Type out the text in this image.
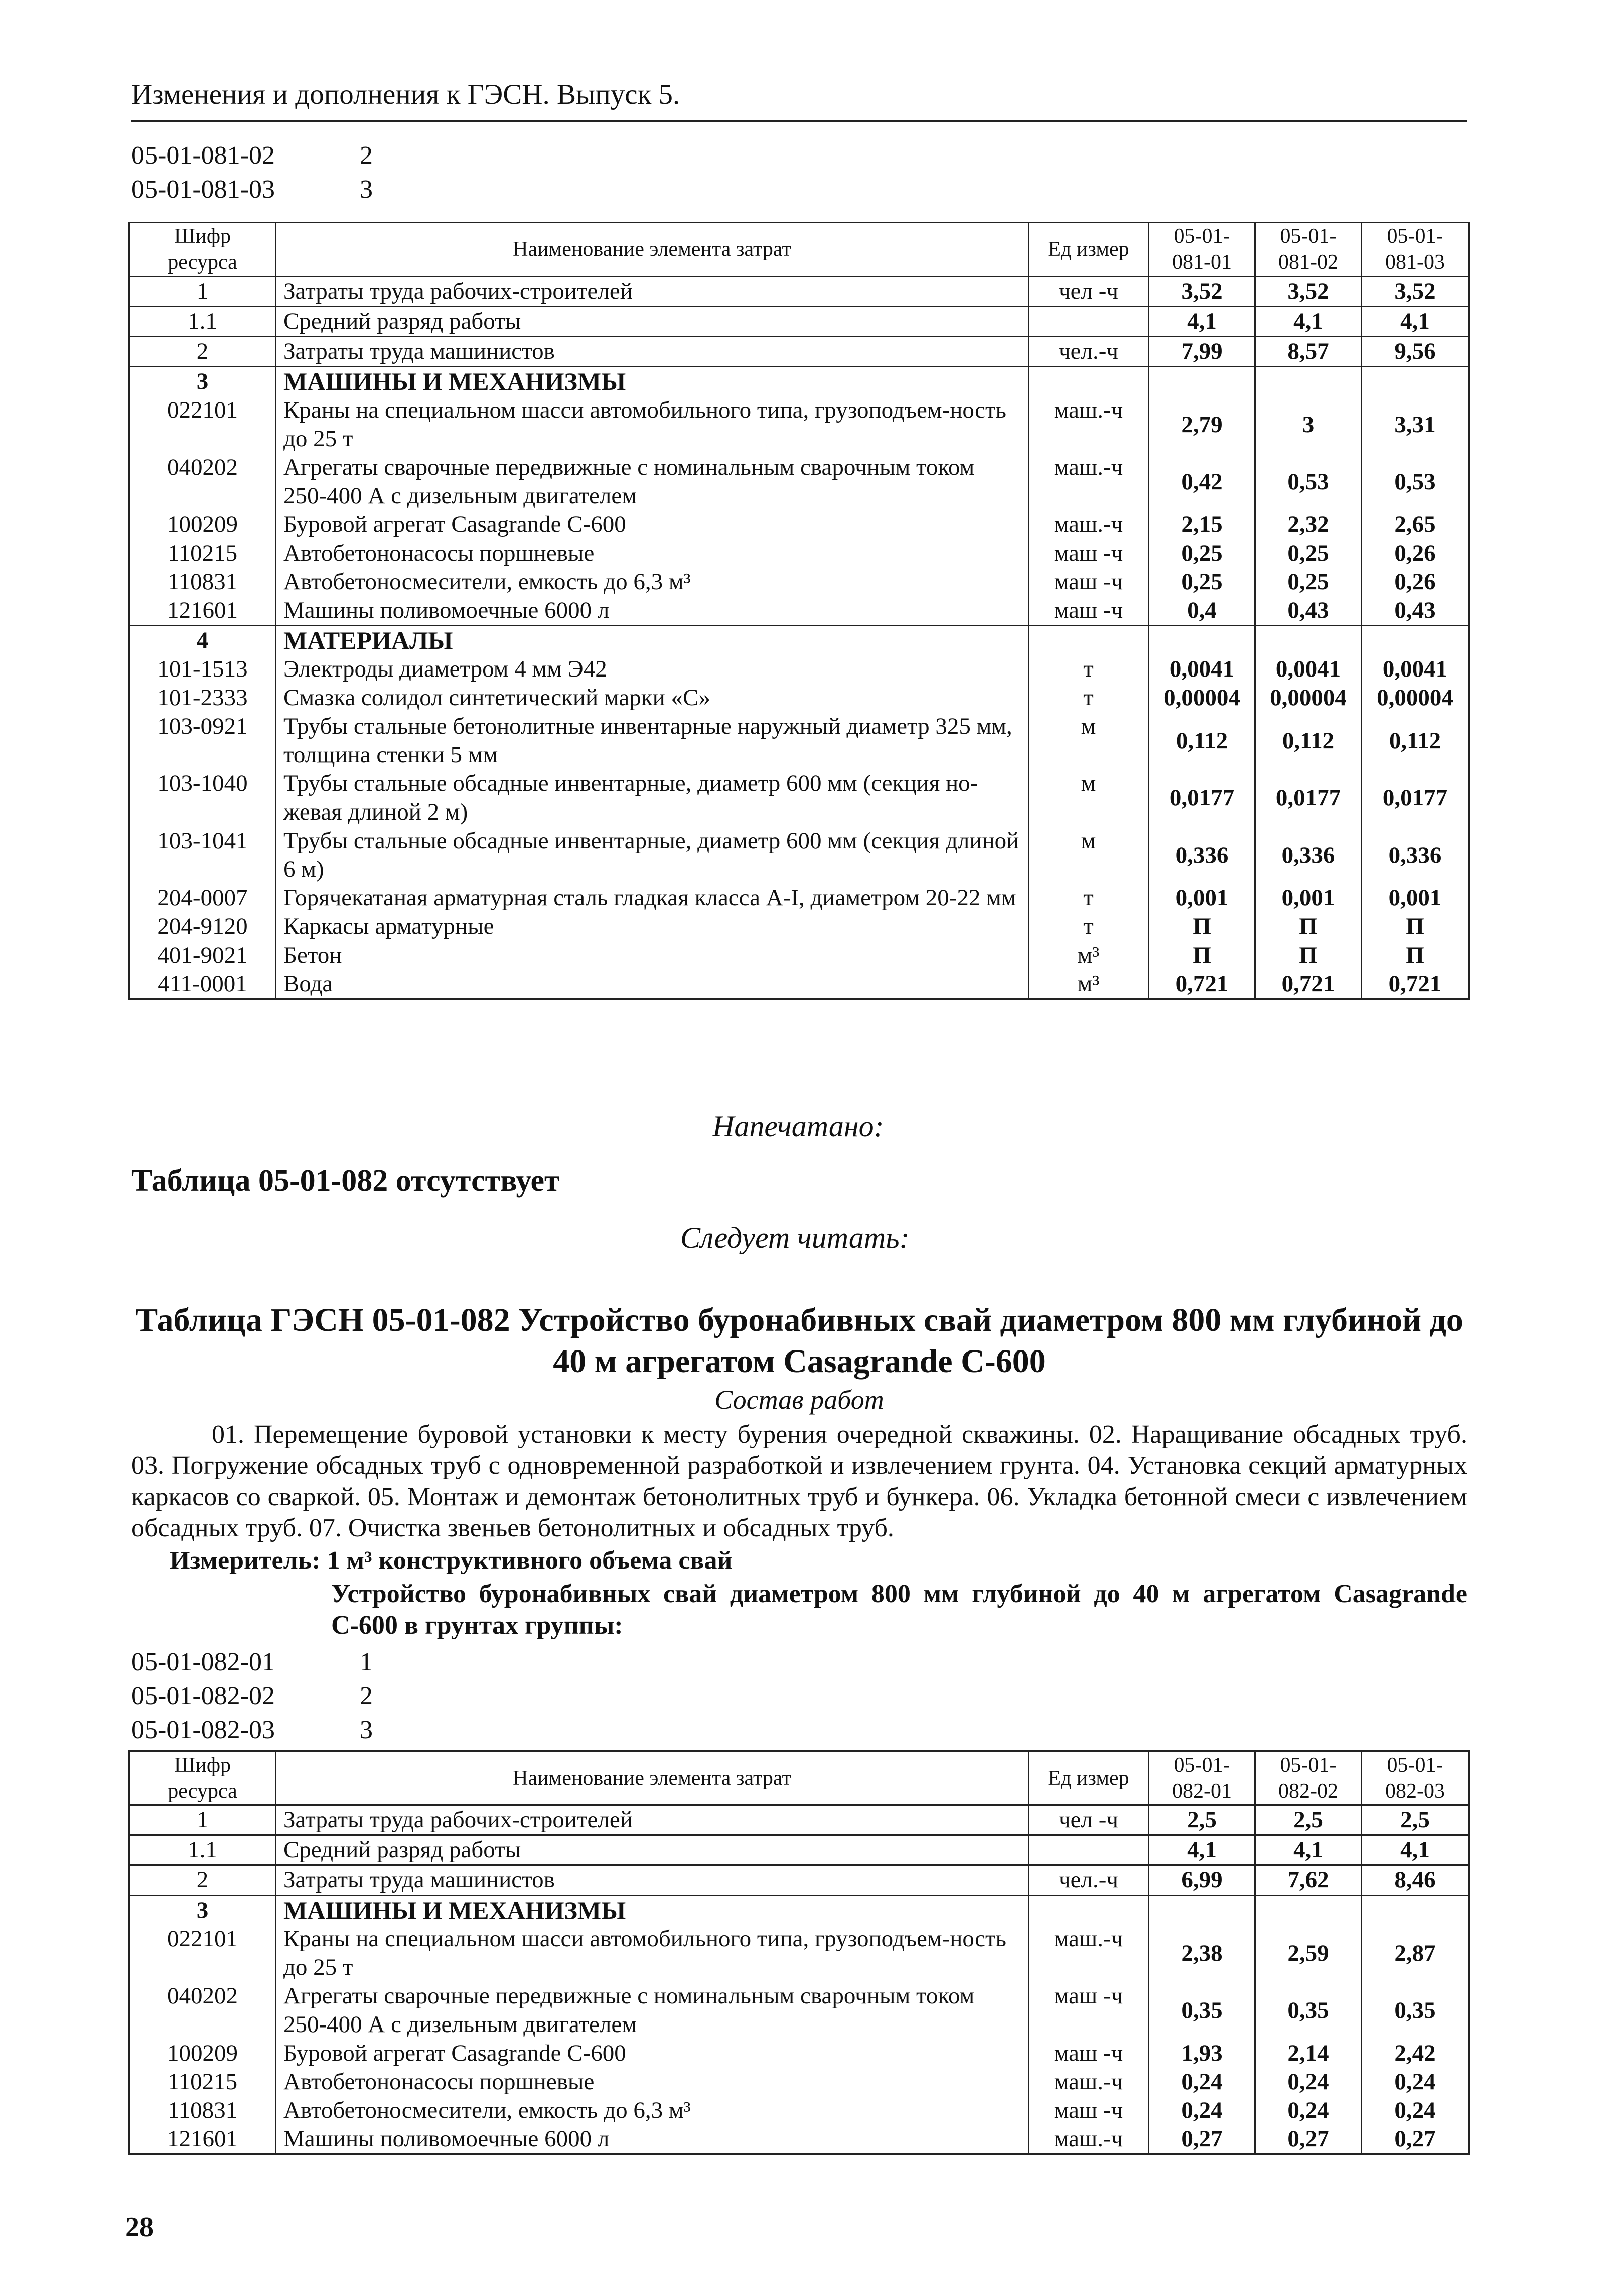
Изменения и дополнения к ГЭСН. Выпуск 5.
05-01-081-02	2
05-01-081-03	3
Шифр ресурса	Наименование элемента затрат	Ед измер	05-01-081-01	05-01-081-02	05-01-081-03
1	Затраты труда рабочих-строителей	чел -ч	3,52	3,52	3,52
1.1	Средний разряд работы		4,1	4,1	4,1
2	Затраты труда машинистов	чел.-ч	7,99	8,57	9,56
3	МАШИНЫ И МЕХАНИЗМЫ				
022101	Краны на специальном шасси автомобильного типа, грузоподъем-ность до 25 т	маш.-ч	2,79	3	3,31
040202	Агрегаты сварочные передвижные с номинальным сварочным током 250-400 А с дизельным двигателем	маш.-ч	0,42	0,53	0,53
100209	Буровой агрегат Casagrande С-600	маш.-ч	2,15	2,32	2,65
110215	Автобетононасосы поршневые	маш -ч	0,25	0,25	0,26
110831	Автобетоносмесители, емкость до 6,3 м³	маш -ч	0,25	0,25	0,26
121601	Машины поливомоечные 6000 л	маш -ч	0,4	0,43	0,43
4	МАТЕРИАЛЫ				
101-1513	Электроды диаметром 4 мм Э42	т	0,0041	0,0041	0,0041
101-2333	Смазка солидол синтетический марки «С»	т	0,00004	0,00004	0,00004
103-0921	Трубы стальные бетонолитные инвентарные наружный диаметр 325 мм, толщина стенки 5 мм	м	0,112	0,112	0,112
103-1040	Трубы стальные обсадные инвентарные, диаметр 600 мм (секция но-жевая длиной 2 м)	м	0,0177	0,0177	0,0177
103-1041	Трубы стальные обсадные инвентарные, диаметр 600 мм (секция длиной 6 м)	м	0,336	0,336	0,336
204-0007	Горячекатаная арматурная сталь гладкая класса А-I, диаметром 20-22 мм	т	0,001	0,001	0,001
204-9120	Каркасы арматурные	т	П	П	П
401-9021	Бетон	м³	П	П	П
411-0001	Вода	м³	0,721	0,721	0,721
Напечатано:
Таблица 05-01-082 отсутствует
Следует читать:
Таблица ГЭСН 05-01-082 Устройство буронабивных свай диаметром 800 мм глубиной до 40 м агрегатом Casagrande С-600
Состав работ
01. Перемещение буровой установки к месту бурения очередной скважины. 02. Наращивание обсадных труб. 03. Погружение обсадных труб с одновременной разработкой и извлечением грунта. 04. Установка секций арматурных каркасов со сваркой. 05. Монтаж и демонтаж бетонолитных труб и бункера. 06. Укладка бетонной смеси с извлечением обсадных труб. 07. Очистка звеньев бетонолитных и обсадных труб.
Измеритель: 1 м³ конструктивного объема свай
Устройство буронабивных свай диаметром 800 мм глубиной до 40 м агрегатом Casagrande С-600 в грунтах группы:
05-01-082-01	1
05-01-082-02	2
05-01-082-03	3
Шифр ресурса	Наименование элемента затрат	Ед измер	05-01-082-01	05-01-082-02	05-01-082-03
1	Затраты труда рабочих-строителей	чел -ч	2,5	2,5	2,5
1.1	Средний разряд работы		4,1	4,1	4,1
2	Затраты труда машинистов	чел.-ч	6,99	7,62	8,46
3	МАШИНЫ И МЕХАНИЗМЫ				
022101	Краны на специальном шасси автомобильного типа, грузоподъем-ность до 25 т	маш.-ч	2,38	2,59	2,87
040202	Агрегаты сварочные передвижные с номинальным сварочным током 250-400 А с дизельным двигателем	маш -ч	0,35	0,35	0,35
100209	Буровой агрегат Casagrande С-600	маш -ч	1,93	2,14	2,42
110215	Автобетононасосы поршневые	маш.-ч	0,24	0,24	0,24
110831	Автобетоносмесители, емкость до 6,3 м³	маш -ч	0,24	0,24	0,24
121601	Машины поливомоечные 6000 л	маш.-ч	0,27	0,27	0,27
28
